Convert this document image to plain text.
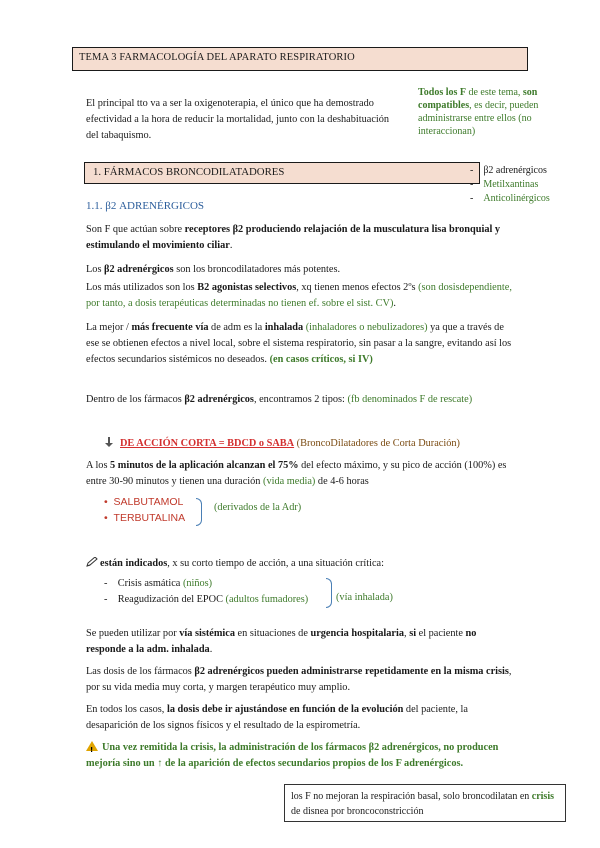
TEMA 3 FARMACOLOGÍA DEL APARATO RESPIRATORIO
El principal tto va a ser la oxigenoterapia, el único que ha demostrado efectividad a la hora de reducir la mortalidad, junto con la deshabituación del tabaquismo.
Todos los F de este tema, son compatibles, es decir, pueden administrarse entre ellos (no interaccionan)
1. FÁRMACOS BRONCODILATADORES	-    β2 adrenérgicos
-    Metilxantinas
-    Anticolinérgicos
1.1. β2 ADRENÉRGICOS
Son F que actúan sobre receptores β2 produciendo relajación de la musculatura lisa bronquial y estimulando el movimiento ciliar.
Los β2 adrenérgicos son los broncodilatadores más potentes.
Los más utilizados son los B2 agonistas selectivos, xq tienen menos efectos 2ºs (son dosisdependiente, por tanto, a dosis terapéuticas determinadas no tienen ef. sobre el sist. CV).
La mejor / más frecuente vía de adm es la inhalada (inhaladores o nebulizadores) ya que a través de ese se obtienen efectos a nivel local, sobre el sistema respiratorio, sin pasar a la sangre, evitando así los efectos secundarios sistémicos no deseados. (en casos críticos, si IV)
Dentro de los fármacos β2 adrenérgicos, encontramos 2 tipos: (fb denominados F de rescate)
DE ACCIÓN CORTA = BDCD o SABA (BroncoDilatadores de Corta Duración)
A los 5 minutos de la aplicación alcanzan el 75% del efecto máximo, y su pico de acción (100%) es entre 30-90 minutos y tienen una duración (vida media) de 4-6 horas
• SALBUTAMOL
• TERBUTALINA
(derivados de la Adr)
están indicados, x su corto tiempo de acción, a una situación crítica:
-    Crisis asmática (niños)
-    Reagudización del EPOC (adultos fumadores)	(vía inhalada)
Se pueden utilizar por vía sistémica en situaciones de urgencia hospitalaria, si el paciente no responde a la adm. inhalada.
Las dosis de los fármacos β2 adrenérgicos pueden administrarse repetidamente en la misma crisis, por su vida media muy corta, y margen terapéutico muy amplio.
En todos los casos, la dosis debe ir ajustándose en función de la evolución del paciente, la desaparición de los signos físicos y el resultado de la espirometría.
!Una vez remitida la crisis, la administración de los fármacos β2 adrenérgicos, no producen mejoría sino un ↑ de la aparición de efectos secundarios propios de los F adrenérgicos.
los F no mejoran la respiración basal, solo broncodilatan en crisis de disnea por broncoconstricción
